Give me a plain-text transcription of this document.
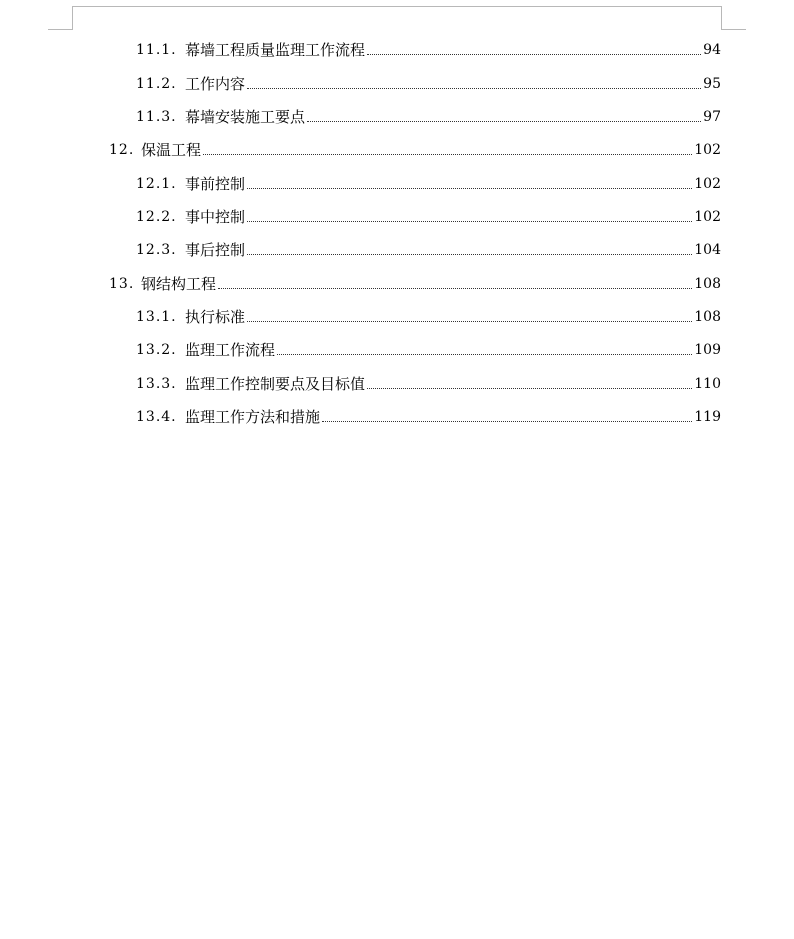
11.1. 幕墙工程质量监理工作流程	94
11.2. 工作内容	95
11.3. 幕墙安装施工要点	97
12. 保温工程	102
12.1. 事前控制	102
12.2. 事中控制	102
12.3. 事后控制	104
13. 钢结构工程	108
13.1. 执行标准	108
13.2. 监理工作流程	109
13.3. 监理工作控制要点及目标值	110
13.4. 监理工作方法和措施	119
